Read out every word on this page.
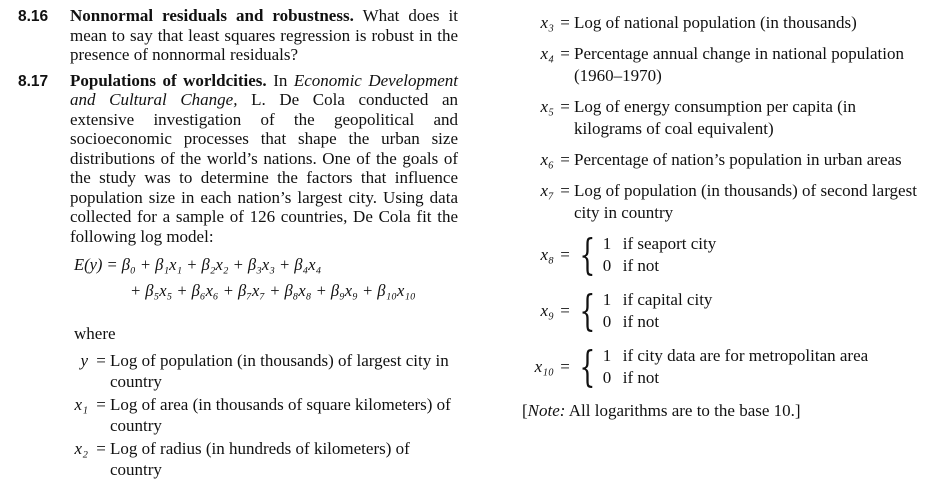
8.16	Nonnormal residuals and robustness. What does it mean to say that least squares regression is robust in the presence of nonnormal residuals?
8.17	Populations of worldcities. In Economic Development and Cultural Change, L. De Cola conducted an extensive investigation of the geopolitical and socioeconomic processes that shape the urban size distributions of the world’s nations. One of the goals of the study was to determine the factors that influence population size in each nation’s largest city. Using data collected for a sample of 126 countries, De Cola fit the following log model:
E(y) = β₀ + β₁x₁ + β₂x₂ + β₃x₃ + β₄x₄
+ β₅x₅ + β₆x₆ + β₇x₇ + β₈x₈ + β₉x₉ + β₁₀x₁₀
where
y = Log of population (in thousands) of largest city in country
x₁ = Log of area (in thousands of square kilometers) of country
x₂ = Log of radius (in hundreds of kilometers) of country
x₃ = Log of national population (in thousands)
x₄ = Percentage annual change in national population (1960–1970)
x₅ = Log of energy consumption per capita (in kilograms of coal equivalent)
x₆ = Percentage of nation’s population in urban areas
x₇ = Log of population (in thousands) of second largest city in country
x₈ = { 1 if seaport city
0 if not
x₉ = { 1 if capital city
0 if not
x₁₀ = { 1 if city data are for metropolitan area
0 if not
[Note: All logarithms are to the base 10.]
